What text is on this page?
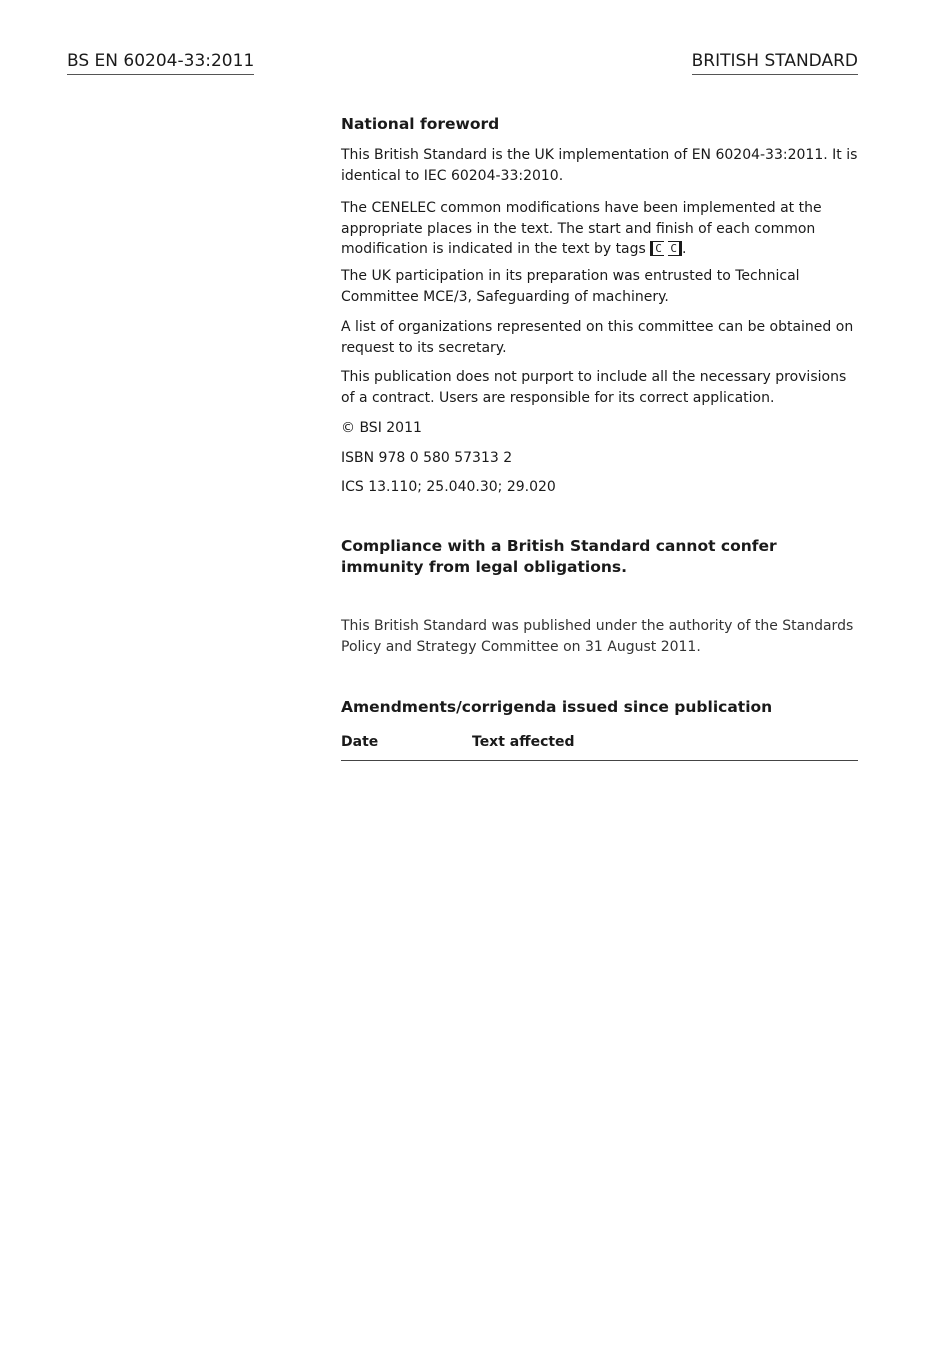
BS EN 60204-33:2011	BRITISH STANDARD
National foreword

This British Standard is the UK implementation of EN 60204-33:2011. It is identical to IEC 60204-33:2010.

The CENELEC common modifications have been implemented at the appropriate places in the text. The start and finish of each common modification is indicated in the text by tags C C .

The UK participation in its preparation was entrusted to Technical Committee MCE/3, Safeguarding of machinery.

A list of organizations represented on this committee can be obtained on request to its secretary.

This publication does not purport to include all the necessary provisions of a contract. Users are responsible for its correct application.

© BSI 2011

ISBN 978 0 580 57313 2

ICS 13.110; 25.040.30; 29.020

Compliance with a British Standard cannot confer immunity from legal obligations.

This British Standard was published under the authority of the Standards Policy and Strategy Committee on 31 August 2011.

Amendments/corrigenda issued since publication
Date	Text affected
